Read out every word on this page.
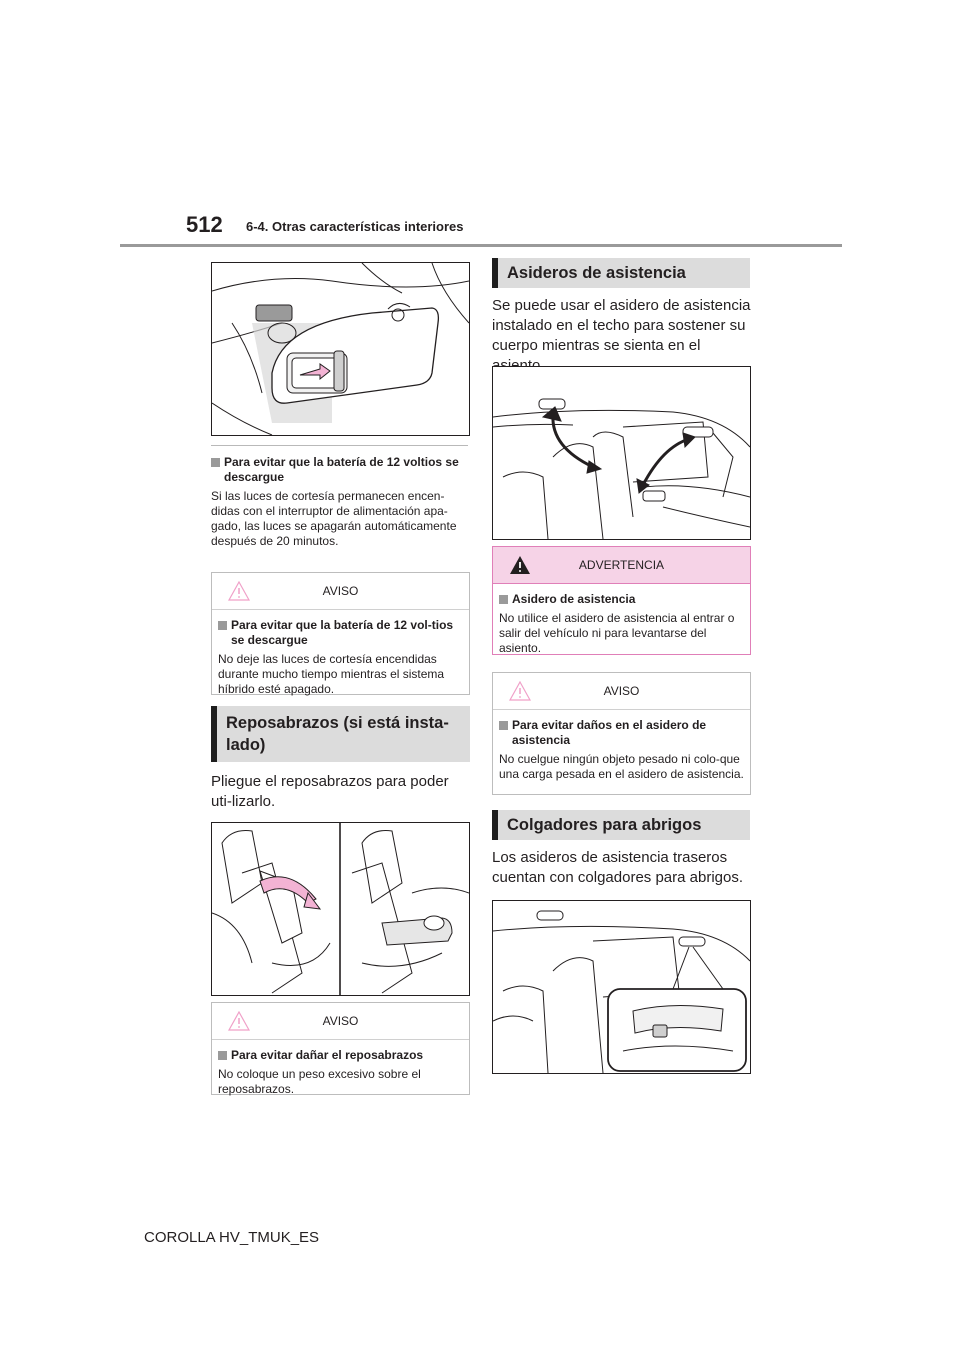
512 6-4. Otras características interiores
Para evitar que la batería de 12 voltios se descargue
Si las luces de cortesía permanecen encen-didas con el interruptor de alimentación apa-gado, las luces se apagarán automáticamente después de 20 minutos.
AVISO
Para evitar que la batería de 12 vol-tios se descargue
No deje las luces de cortesía encendidas durante mucho tiempo mientras el sistema híbrido esté apagado.
Reposabrazos (si está insta-lado)
Pliegue el reposabrazos para poder uti-lizarlo.
AVISO
Para evitar dañar el reposabrazos
No coloque un peso excesivo sobre el reposabrazos.
Asideros de asistencia
Se puede usar el asidero de asistencia instalado en el techo para sostener su cuerpo mientras se sienta en el
ADVERTENCIA
Asidero de asistencia
No utilice el asidero de asistencia al entrar o salir del vehículo ni para levantarse del asiento.
AVISO
Para evitar daños en el asidero de asistencia
No cuelgue ningún objeto pesado ni colo-que una carga pesada en el asidero de asistencia.
Colgadores para abrigos
Los asideros de asistencia traseros cuentan con colgadores para abrigos.
COROLLA HV_TMUK_ES
